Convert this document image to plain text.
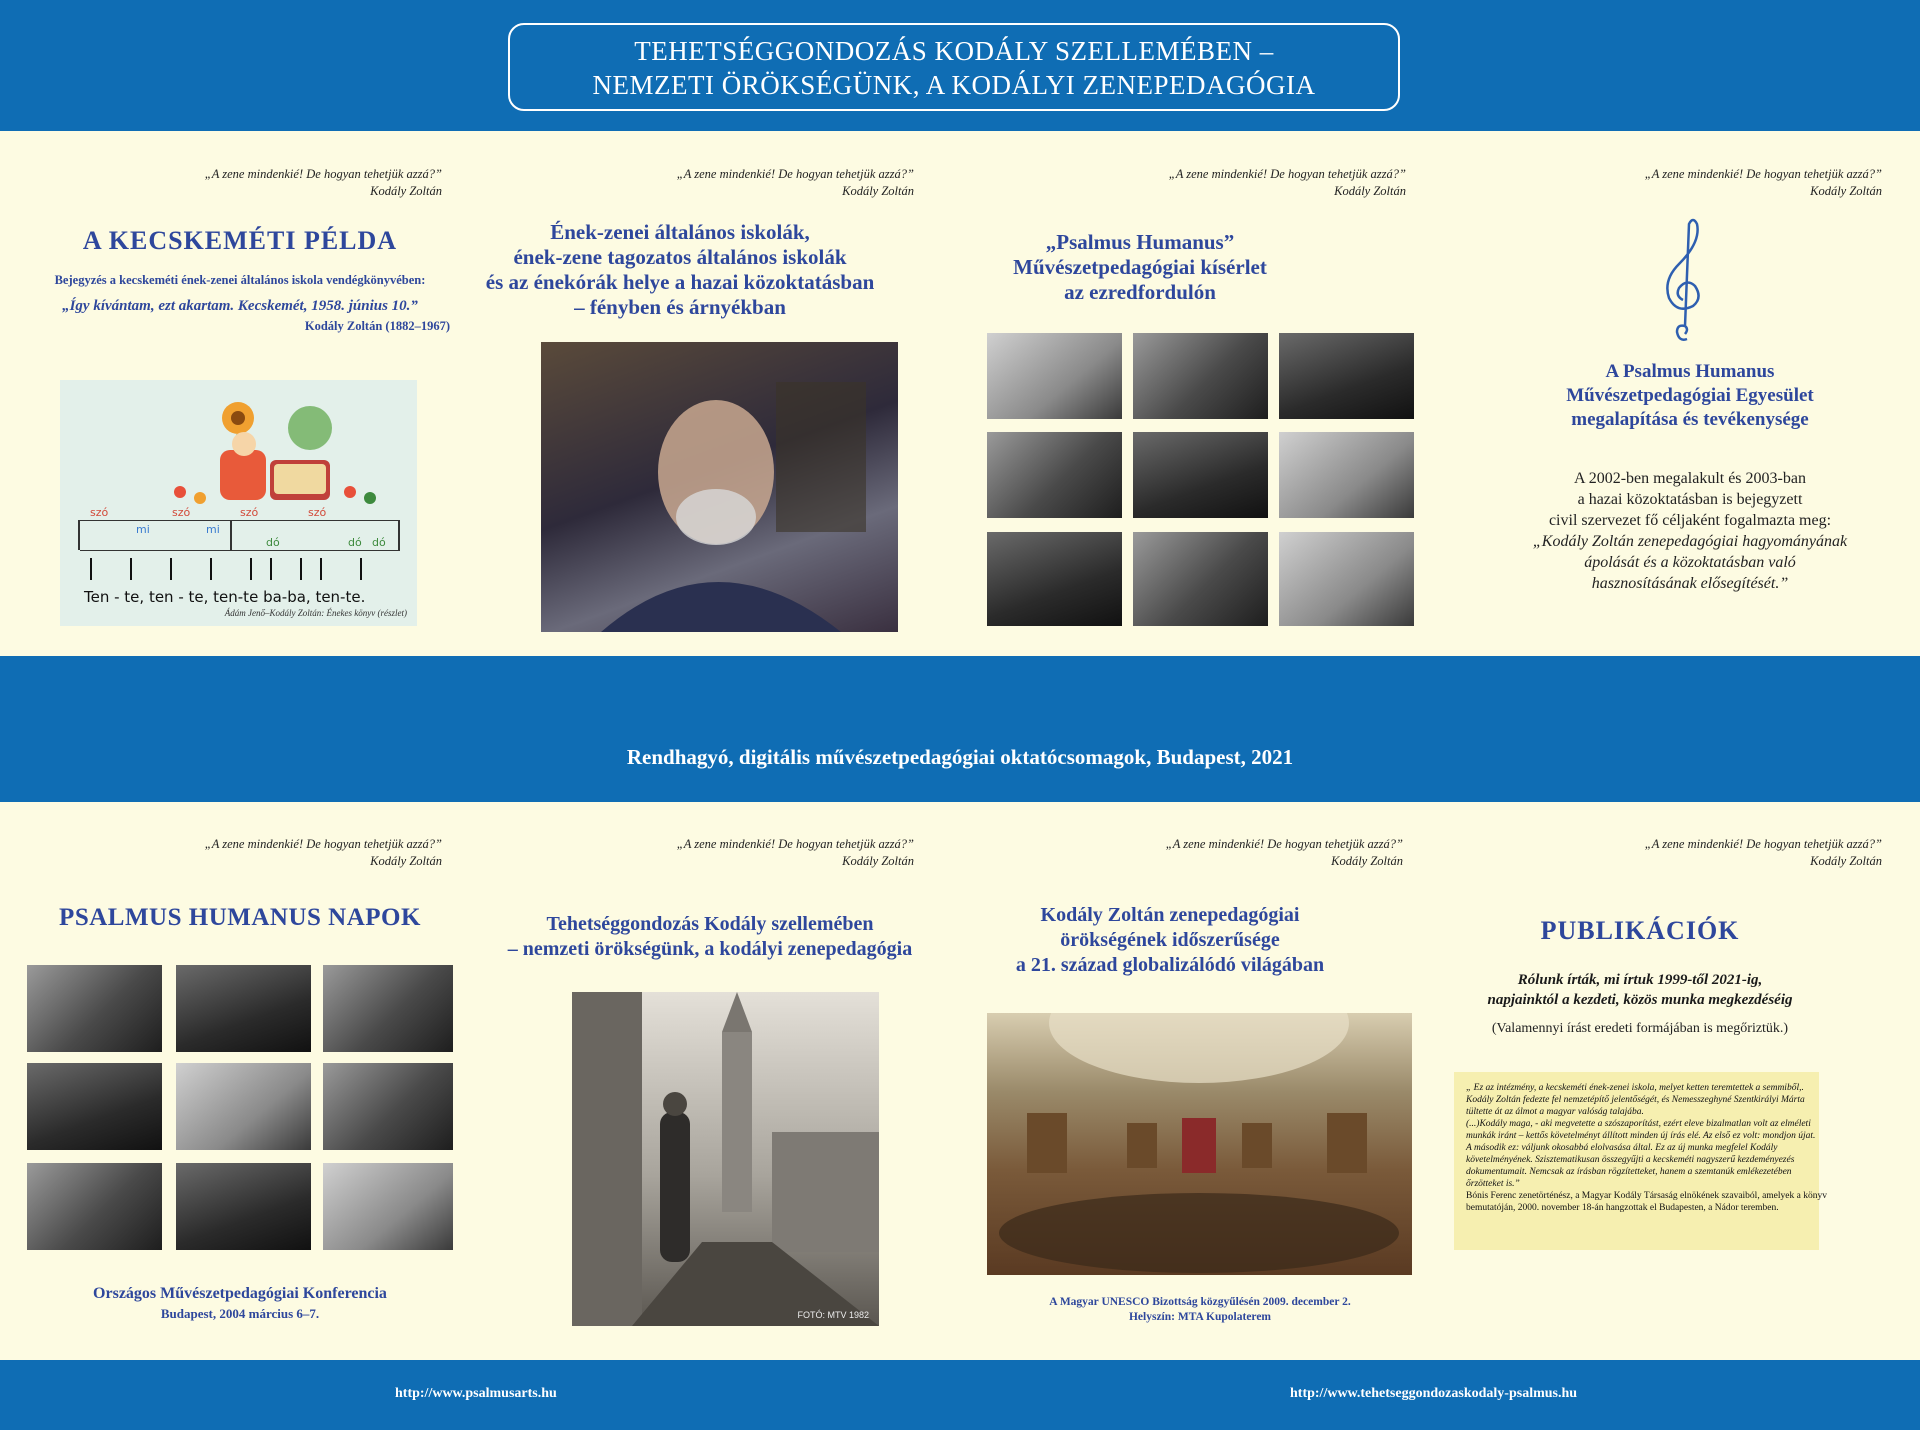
TEHETSÉGGONDOZÁS KODÁLY SZELLEMÉBEN –
NEMZETI ÖRÖKSÉGÜNK, A KODÁLYI ZENEPEDAGÓGIA
„A zene mindenkié! De hogyan tehetjük azzá?”
Kodály Zoltán
„A zene mindenkié! De hogyan tehetjük azzá?”
Kodály Zoltán
„A zene mindenkié! De hogyan tehetjük azzá?”
Kodály Zoltán
„A zene mindenkié! De hogyan tehetjük azzá?”
Kodály Zoltán
„A zene mindenkié! De hogyan tehetjük azzá?”
Kodály Zoltán
„A zene mindenkié! De hogyan tehetjük azzá?”
Kodály Zoltán
„A zene mindenkié! De hogyan tehetjük azzá?”
Kodály Zoltán
„A zene mindenkié! De hogyan tehetjük azzá?”
Kodály Zoltán
A KECSKEMÉTI PÉLDA
Bejegyzés a kecskeméti ének-zenei általános iskola vendégkönyvében:
„Így kívántam, ezt akartam. Kecskemét, 1958. június 10.”
Kodály Zoltán (1882–1967)
szó	szó	szó	szó
mi	mi
dó	dó dó
Ten - te, ten - te, ten-te ba-ba, ten-te.
Ádám Jenő–Kodály Zoltán: Énekes könyv (részlet)
Ének-zenei általános iskolák,
ének-zene tagozatos általános iskolák
és az énekórák helye a hazai közoktatásban
– fényben és árnyékban
„Psalmus Humanus”
Művészetpedagógiai kísérlet
az ezredfordulón
A Psalmus Humanus
Művészetpedagógiai Egyesület
megalapítása és tevékenysége
A 2002-ben megalakult és 2003-ban
a hazai közoktatásban is bejegyzett
civil szervezet fő céljaként fogalmazta meg:
„Kodály Zoltán zenepedagógiai hagyományának
ápolását és a közoktatásban való
hasznosításának elősegítését.”
Rendhagyó, digitális művészetpedagógiai oktatócsomagok, Budapest, 2021
PSALMUS HUMANUS NAPOK
Országos Művészetpedagógiai Konferencia
Budapest, 2004 március 6–7.
Tehetséggondozás Kodály szellemében
– nemzeti örökségünk, a kodályi zenepedagógia
FOTÓ: MTV 1982
Kodály Zoltán zenepedagógiai
örökségének időszerűsége
a 21. század globalizálódó világában
A Magyar UNESCO Bizottság közgyűlésén 2009. december 2.
Helyszín: MTA Kupolaterem
PUBLIKÁCIÓK
Rólunk írták, mi írtuk 1999-től 2021-ig,
napjainktól a kezdeti, közös munka megkezdéséig
(Valamennyi írást eredeti formájában is megőriztük.)
„ Ez az intézmény, a kecskeméti ének-zenei iskola, melyet ketten teremtettek a semmiből,.
Kodály Zoltán fedezte fel nemzetépítő jelentőségét, és Nemesszeghyné Szentkirályi Márta
tültette át az álmot a magyar valóság talajába.
(...)Kodály maga, - aki megvetette a szószaporítást, ezért eleve bizalmatlan volt az elméleti
munkák iránt – kettős követelményt állított minden új írás elé. Az első ez volt: mondjon újat.
A második ez: váljunk okosabbá elolvasása által. Ez az új munka megfelel Kodály
követelményének. Szisztematikusan összegyűjti a kecskeméti nagyszerű kezdeményezés
dokumentumait. Nemcsak az írásban rögzítetteket, hanem a szemtanúk emlékezetében
őrzötteket is.”
Bónis Ferenc zenetörténész, a Magyar Kodály Társaság elnökének szavaiból, amelyek a könyv
bemutatóján, 2000. november 18-án hangzottak el Budapesten, a Nádor teremben.
http://www.psalmusarts.hu	http://www.tehetseggondozaskodaly-psalmus.hu
